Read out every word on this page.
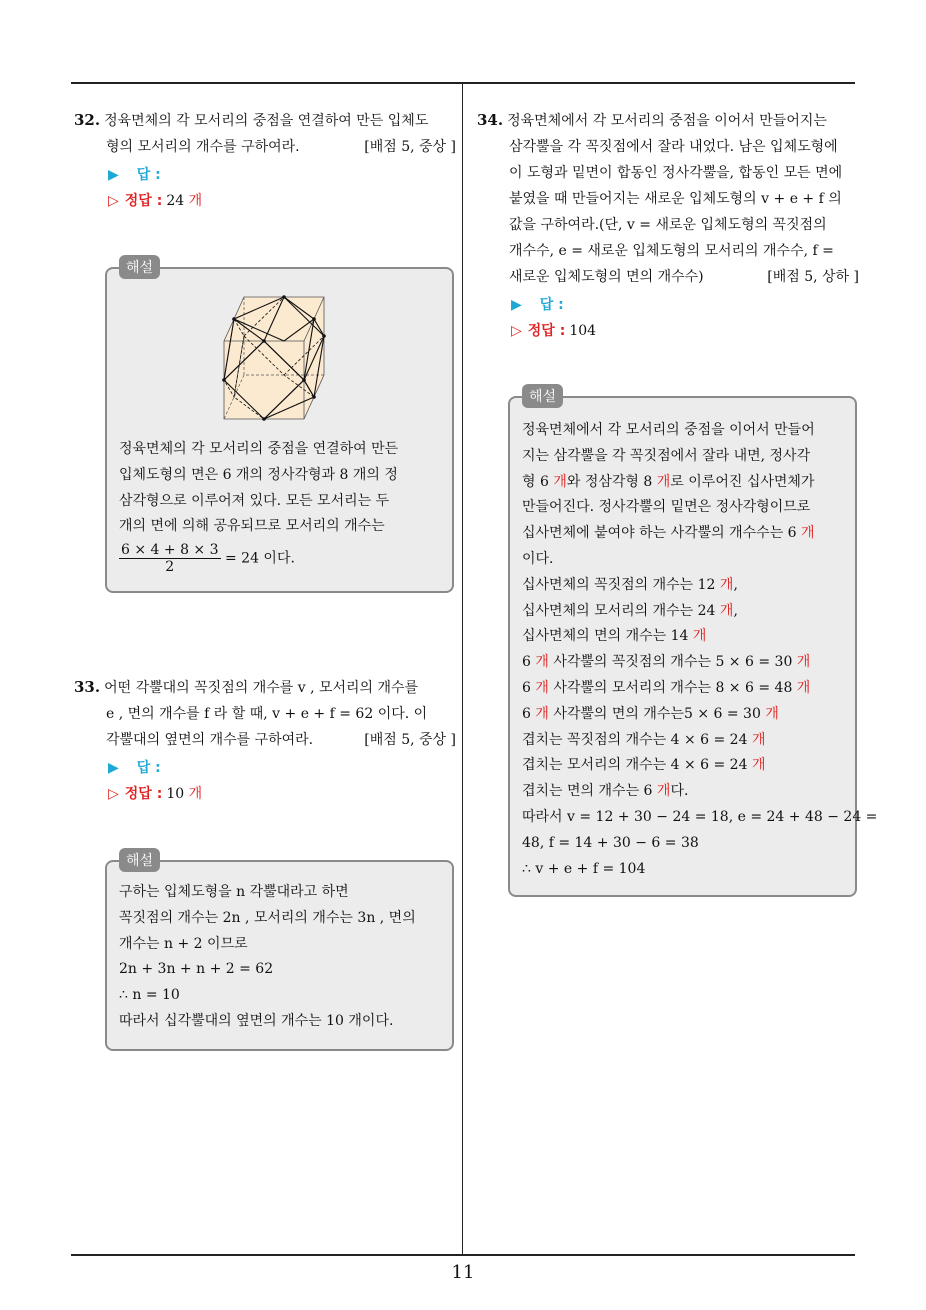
11
32. 정육면체의 각 모서리의 중점을 연결하여 만든 입체도
형의 모서리의 개수를 구하여라.	[배점 5, 중상 ]
▶ 답 :
▷ 정답 : 24 개
해설
정육면체의 각 모서리의 중점을 연결하여 만든
입체도형의 면은 6 개의 정사각형과 8 개의 정
삼각형으로 이루어져 있다. 모든 모서리는 두
개의 면에 의해 공유되므로 모서리의 개수는
$\frac{6 \times 4 + 8 \times 3}{2} = 24$ 이다.
33. 어떤 각뿔대의 꼭짓점의 개수를 v , 모서리의 개수를
e , 면의 개수를 f 라 할 때, v + e + f = 62 이다. 이
각뿔대의 옆면의 개수를 구하여라.	[배점 5, 중상 ]
▶ 답 :
▷ 정답 : 10 개
해설
구하는 입체도형을 n 각뿔대라고 하면
꼭짓점의 개수는 2n , 모서리의 개수는 3n , 면의
개수는 n + 2 이므로
2n + 3n + n + 2 = 62
∴ n = 10
따라서 십각뿔대의 옆면의 개수는 10 개이다.
34. 정육면체에서 각 모서리의 중점을 이어서 만들어지는
삼각뿔을 각 꼭짓점에서 잘라 내었다. 남은 입체도형에
이 도형과 밑면이 합동인 정사각뿔을, 합동인 모든 면에
붙였을 때 만들어지는 새로운 입체도형의 v + e + f 의
값을 구하여라.(단, v = 새로운 입체도형의 꼭짓점의
개수수, e = 새로운 입체도형의 모서리의 개수수, f =
새로운 입체도형의 면의 개수수)	[배점 5, 상하 ]
▶ 답 :
▷ 정답 : 104
해설
정육면체에서 각 모서리의 중점을 이어서 만들어
지는 삼각뿔을 각 꼭짓점에서 잘라 내면, 정사각
형 6 개와 정삼각형 8 개로 이루어진 십사면체가
만들어진다. 정사각뿔의 밑면은 정사각형이므로
십사면체에 붙여야 하는 사각뿔의 개수수는 6 개
이다.
십사면체의 꼭짓점의 개수는 12 개,
십사면체의 모서리의 개수는 24 개,
십사면체의 면의 개수는 14 개
6 개 사각뿔의 꼭짓점의 개수는 5 × 6 = 30 개
6 개 사각뿔의 모서리의 개수는 8 × 6 = 48 개
6 개 사각뿔의 면의 개수는5 × 6 = 30 개
겹치는 꼭짓점의 개수는 4 × 6 = 24 개
겹치는 모서리의 개수는 4 × 6 = 24 개
겹치는 면의 개수는 6 개다.
따라서 v = 12 + 30 − 24 = 18, e = 24 + 48 − 24 =
48, f = 14 + 30 − 6 = 38
∴ v + e + f = 104
